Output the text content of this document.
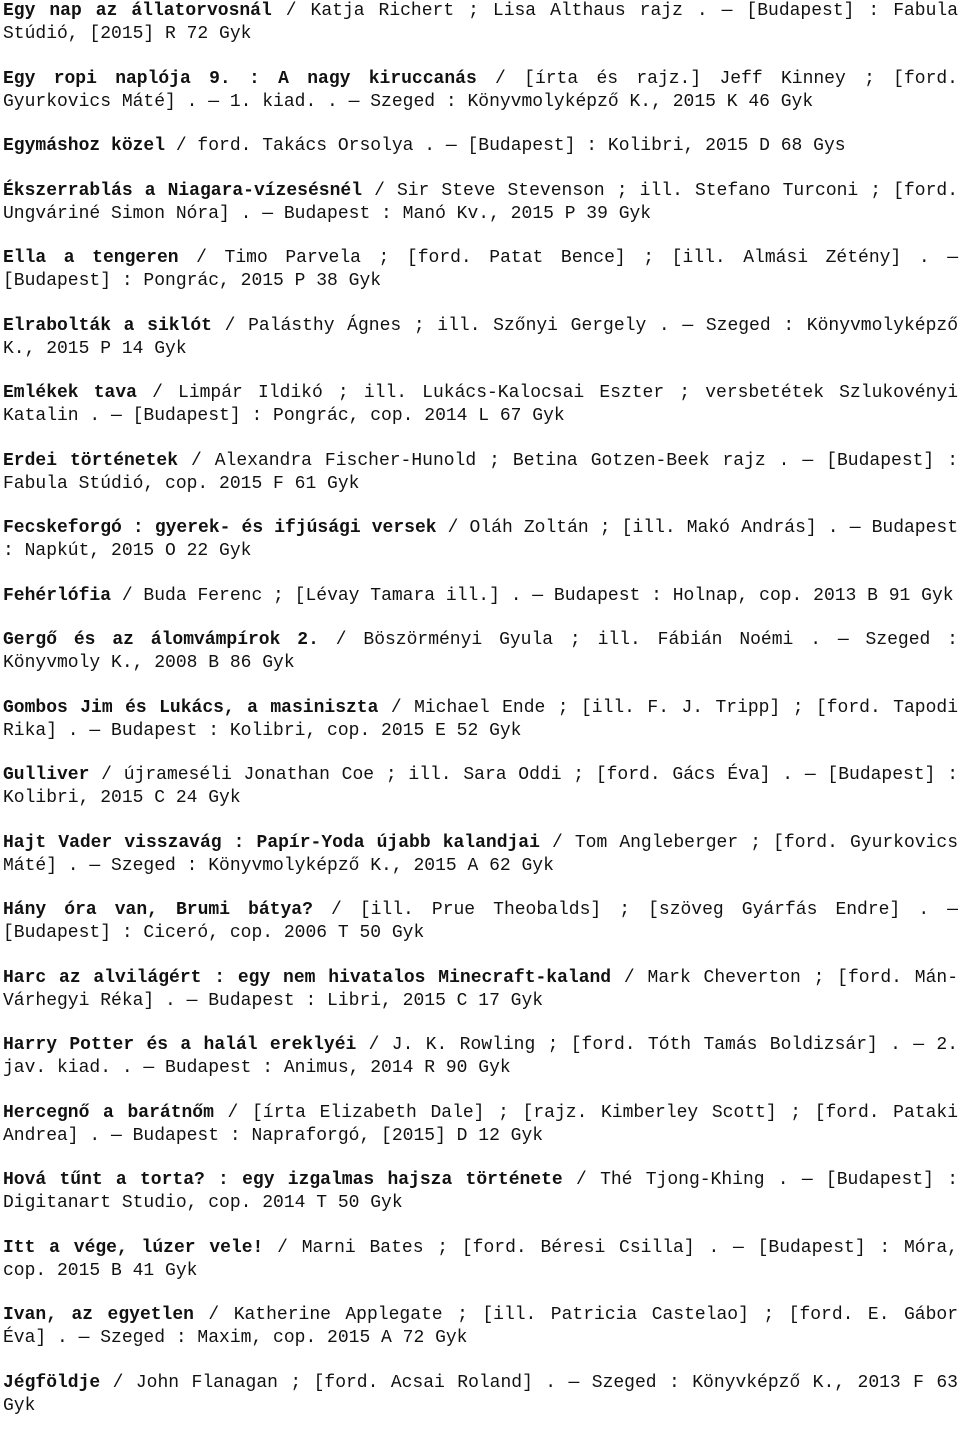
Egy nap az állatorvosnál / Katja Richert ; Lisa Althaus rajz . — [Budapest] : Fabula Stúdió, [2015] R 72 Gyk

Egy ropi naplója 9. : A nagy kiruccanás / [írta és rajz.] Jeff Kinney ; [ford. Gyurkovics Máté] . — 1. kiad. . — Szeged : Könyvmolyképző K., 2015 K 46 Gyk

Egymáshoz közel / ford. Takács Orsolya . — [Budapest] : Kolibri, 2015 D 68 Gys

Ékszerrablás a Niagara-vízesésnél / Sir Steve Stevenson ; ill. Stefano Turconi ; [ford. Ungváriné Simon Nóra] . — Budapest : Manó Kv., 2015 P 39 Gyk

Ella a tengeren / Timo Parvela ; [ford. Patat Bence] ; [ill. Almási Zétény] . — [Budapest] : Pongrác, 2015 P 38 Gyk

Elrabolták a siklót / Palásthy Ágnes ; ill. Szőnyi Gergely . — Szeged : Könyvmolyképző K., 2015 P 14 Gyk

Emlékek tava / Limpár Ildikó ; ill. Lukács-Kalocsai Eszter ; versbetétek Szlukovényi Katalin . — [Budapest] : Pongrác, cop. 2014 L 67 Gyk

Erdei történetek / Alexandra Fischer-Hunold ; Betina Gotzen-Beek rajz . — [Budapest] : Fabula Stúdió, cop. 2015 F 61 Gyk

Fecskeforgó : gyerek- és ifjúsági versek / Oláh Zoltán ; [ill. Makó András] . — Budapest : Napkút, 2015 O 22 Gyk

Fehérlófia / Buda Ferenc ; [Lévay Tamara ill.] . — Budapest : Holnap, cop. 2013 B 91 Gyk

Gergő és az álomvámpírok 2. / Böszörményi Gyula ; ill. Fábián Noémi . — Szeged : Könyvmoly K., 2008 B 86 Gyk

Gombos Jim és Lukács, a masiniszta / Michael Ende ; [ill. F. J. Tripp] ; [ford. Tapodi Rika] . — Budapest : Kolibri, cop. 2015 E 52 Gyk

Gulliver / újrameséli Jonathan Coe ; ill. Sara Oddi ; [ford. Gács Éva] . — [Budapest] : Kolibri, 2015 C 24 Gyk

Hajt Vader visszavág : Papír-Yoda újabb kalandjai / Tom Angleberger ; [ford. Gyurkovics Máté] . — Szeged : Könyvmolyképző K., 2015 A 62 Gyk

Hány óra van, Brumi bátya? / [ill. Prue Theobalds] ; [szöveg Gyárfás Endre] . — [Budapest] : Ciceró, cop. 2006 T 50 Gyk

Harc az alvilágért : egy nem hivatalos Minecraft-kaland / Mark Cheverton ; [ford. Mán-Várhegyi Réka] . — Budapest : Libri, 2015 C 17 Gyk

Harry Potter és a halál ereklyéi / J. K. Rowling ; [ford. Tóth Tamás Boldizsár] . — 2. jav. kiad. . — Budapest : Animus, 2014 R 90 Gyk

Hercegnő a barátnőm / [írta Elizabeth Dale] ; [rajz. Kimberley Scott] ; [ford. Pataki Andrea] . — Budapest : Napraforgó, [2015] D 12 Gyk

Hová tűnt a torta? : egy izgalmas hajsza története / Thé Tjong-Khing . — [Budapest] : Digitanart Studio, cop. 2014 T 50 Gyk

Itt a vége, lúzer vele! / Marni Bates ; [ford. Béresi Csilla] . — [Budapest] : Móra, cop. 2015 B 41 Gyk

Ivan, az egyetlen / Katherine Applegate ; [ill. Patricia Castelao] ; [ford. E. Gábor Éva] . — Szeged : Maxim, cop. 2015 A 72 Gyk

Jégföldje / John Flanagan ; [ford. Acsai Roland] . — Szeged : Könyvképző K., 2013 F 63 Gyk
